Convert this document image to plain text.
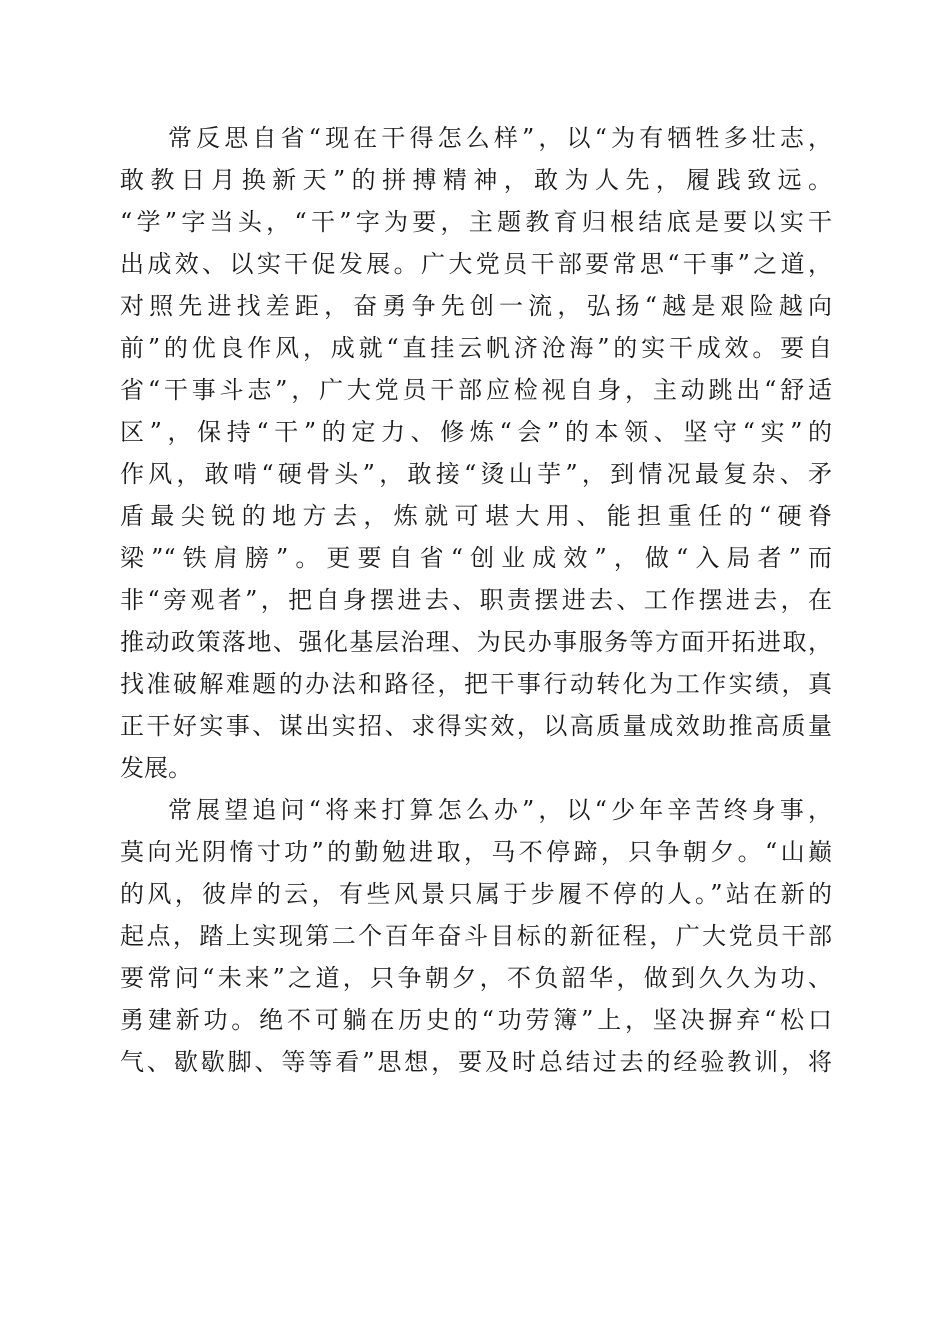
常反思自省“现在干得怎么样”，以“为有牺牲多壮志，
敢教日月换新天”的拼搏精神，敢为人先，履践致远。
“学”字当头，“干”字为要，主题教育归根结底是要以实干
出成效、以实干促发展。广大党员干部要常思“干事”之道，
对照先进找差距，奋勇争先创一流，弘扬“越是艰险越向
前”的优良作风，成就“直挂云帆济沧海”的实干成效。要自
省“干事斗志”，广大党员干部应检视自身，主动跳出“舒适
区”，保持“干”的定力、修炼“会”的本领、坚守“实”的
作风，敢啃“硬骨头”，敢接“烫山芋”，到情况最复杂、矛
盾最尖锐的地方去，炼就可堪大用、能担重任的“硬脊
梁”“铁肩膀”。更要自省“创业成效”，做“入局者”而
非“旁观者”，把自身摆进去、职责摆进去、工作摆进去，在
推动政策落地、强化基层治理、为民办事服务等方面开拓进取，
找准破解难题的办法和路径，把干事行动转化为工作实绩，真
正干好实事、谋出实招、求得实效，以高质量成效助推高质量
发展。
常展望追问“将来打算怎么办”，以“少年辛苦终身事，
莫向光阴惰寸功”的勤勉进取，马不停蹄，只争朝夕。“山巅
的风，彼岸的云，有些风景只属于步履不停的人。”站在新的
起点，踏上实现第二个百年奋斗目标的新征程，广大党员干部
要常问“未来”之道，只争朝夕，不负韶华，做到久久为功、
勇建新功。绝不可躺在历史的“功劳簿”上，坚决摒弃“松口
气、歇歇脚、等等看”思想，要及时总结过去的经验教训，将
